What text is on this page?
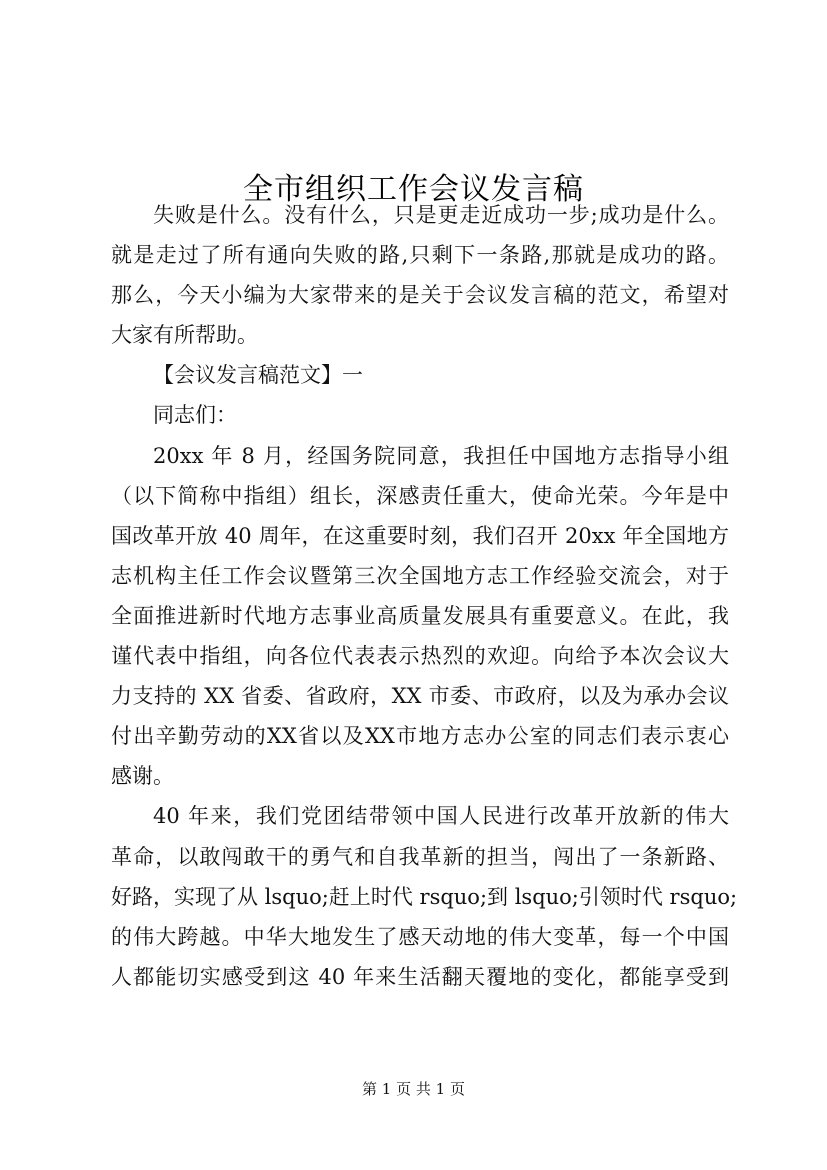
全市组织工作会议发言稿
失败是什么。没有什么，只是更走近成功一步;成功是什么。
就是走过了所有通向失败的路,只剩下一条路,那就是成功的路。
那么，今天小编为大家带来的是关于会议发言稿的范文，希望对
大家有所帮助。
【会议发言稿范文】一
同志们：
20xx 年 8 月，经国务院同意，我担任中国地方志指导小组
（以下简称中指组）组长，深感责任重大，使命光荣。今年是中
国改革开放 40 周年，在这重要时刻，我们召开 20xx 年全国地方
志机构主任工作会议暨第三次全国地方志工作经验交流会，对于
全面推进新时代地方志事业高质量发展具有重要意义。在此，我
谨代表中指组，向各位代表表示热烈的欢迎。向给予本次会议大
力支持的 XX 省委、省政府，XX 市委、市政府，以及为承办会议
付出辛勤劳动的XX省以及XX市地方志办公室的同志们表示衷心
感谢。
40 年来，我们党团结带领中国人民进行改革开放新的伟大
革命，以敢闯敢干的勇气和自我革新的担当，闯出了一条新路、
好路，实现了从 lsquo;赶上时代 rsquo;到 lsquo;引领时代 rsquo;
的伟大跨越。中华大地发生了感天动地的伟大变革，每一个中国
人都能切实感受到这 40 年来生活翻天覆地的变化，都能享受到
第 1 页 共 1 页
